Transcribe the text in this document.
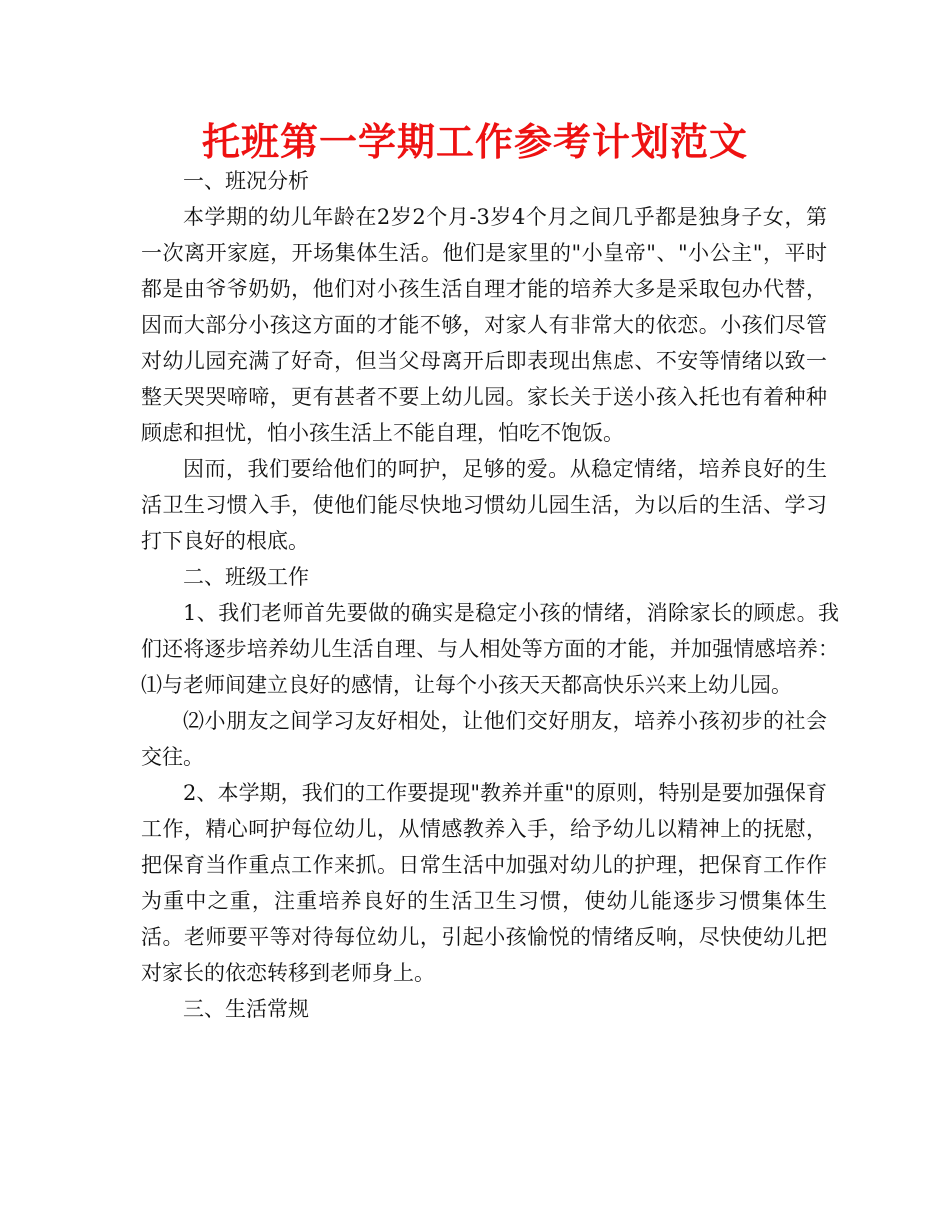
托班第一学期工作参考计划范文

一、班况分析

本学期的幼儿年龄在2岁2个月-3岁4个月之间几乎都是独身子女，第一次离开家庭，开场集体生活。他们是家里的"小皇帝"、"小公主"，平时都是由爷爷奶奶，他们对小孩生活自理才能的培养大多是采取包办代替，因而大部分小孩这方面的才能不够，对家人有非常大的依恋。小孩们尽管对幼儿园充满了好奇，但当父母离开后即表现出焦虑、不安等情绪以致一整天哭哭啼啼，更有甚者不要上幼儿园。家长关于送小孩入托也有着种种顾虑和担忧，怕小孩生活上不能自理，怕吃不饱饭。

因而，我们要给他们的呵护，足够的爱。从稳定情绪，培养良好的生活卫生习惯入手，使他们能尽快地习惯幼儿园生活，为以后的生活、学习打下良好的根底。

二、班级工作

1、我们老师首先要做的确实是稳定小孩的情绪，消除家长的顾虑。我们还将逐步培养幼儿生活自理、与人相处等方面的才能，并加强情感培养：⑴与老师间建立良好的感情，让每个小孩天天都高快乐兴来上幼儿园。

⑵小朋友之间学习友好相处，让他们交好朋友，培养小孩初步的社会交往。

2、本学期，我们的工作要提现"教养并重"的原则，特别是要加强保育工作，精心呵护每位幼儿，从情感教养入手，给予幼儿以精神上的抚慰，把保育当作重点工作来抓。日常生活中加强对幼儿的护理，把保育工作作为重中之重，注重培养良好的生活卫生习惯，使幼儿能逐步习惯集体生活。老师要平等对待每位幼儿，引起小孩愉悦的情绪反响，尽快使幼儿把对家长的依恋转移到老师身上。

三、生活常规
